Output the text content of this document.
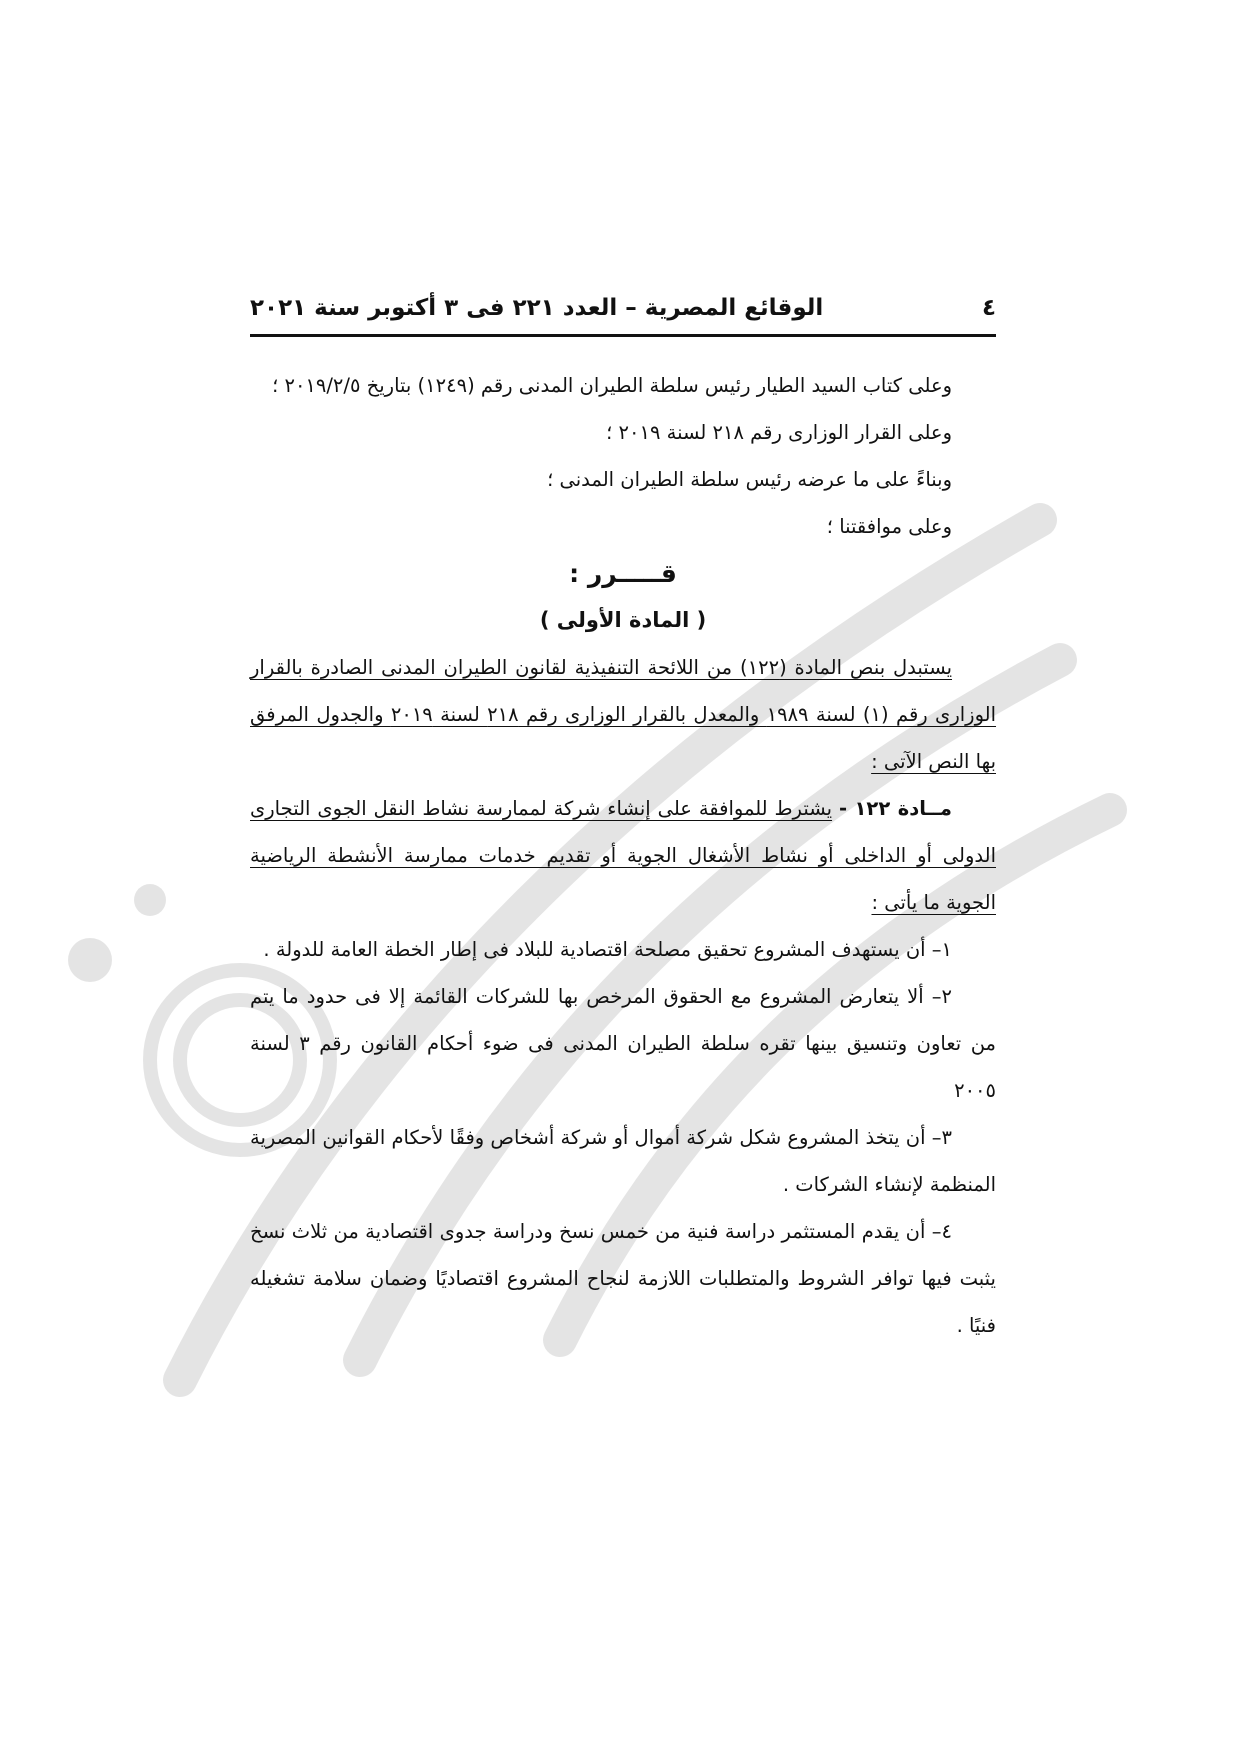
٤
الوقائع المصرية – العدد ٢٢١ فى ٣ أكتوبر سنة ٢٠٢١

وعلى كتاب السيد الطيار رئيس سلطة الطيران المدنى رقم (١٢٤٩) بتاريخ ٢٠١٩/٢/٥ ؛

وعلى القرار الوزارى رقم ٢١٨ لسنة ٢٠١٩ ؛

وبناءً على ما عرضه رئيس سلطة الطيران المدنى ؛

وعلى موافقتنا ؛

قـــــرر :

( المادة الأولى )

يستبدل بنص المادة (١٢٢) من اللائحة التنفيذية لقانون الطيران المدنى الصادرة بالقرار الوزارى رقم (١) لسنة ١٩٨٩ والمعدل بالقرار الوزارى رقم ٢١٨ لسنة ٢٠١٩ والجدول المرفق بها النص الآتى :

مــادة ١٢٢ - يشترط للموافقة على إنشاء شركة لممارسة نشاط النقل الجوى التجارى الدولى أو الداخلى أو نشاط الأشغال الجوية أو تقديم خدمات ممارسة الأنشطة الرياضية الجوية ما يأتى :

١– أن يستهدف المشروع تحقيق مصلحة اقتصادية للبلاد فى إطار الخطة العامة للدولة .

٢– ألا يتعارض المشروع مع الحقوق المرخص بها للشركات القائمة إلا فى حدود ما يتم من تعاون وتنسيق بينها تقره سلطة الطيران المدنى فى ضوء أحكام القانون رقم ٣ لسنة ٢٠٠٥

٣– أن يتخذ المشروع شكل شركة أموال أو شركة أشخاص وفقًا لأحكام القوانين المصرية المنظمة لإنشاء الشركات .

٤– أن يقدم المستثمر دراسة فنية من خمس نسخ ودراسة جدوى اقتصادية من ثلاث نسخ يثبت فيها توافر الشروط والمتطلبات اللازمة لنجاح المشروع اقتصاديًا وضمان سلامة تشغيله فنيًا .
